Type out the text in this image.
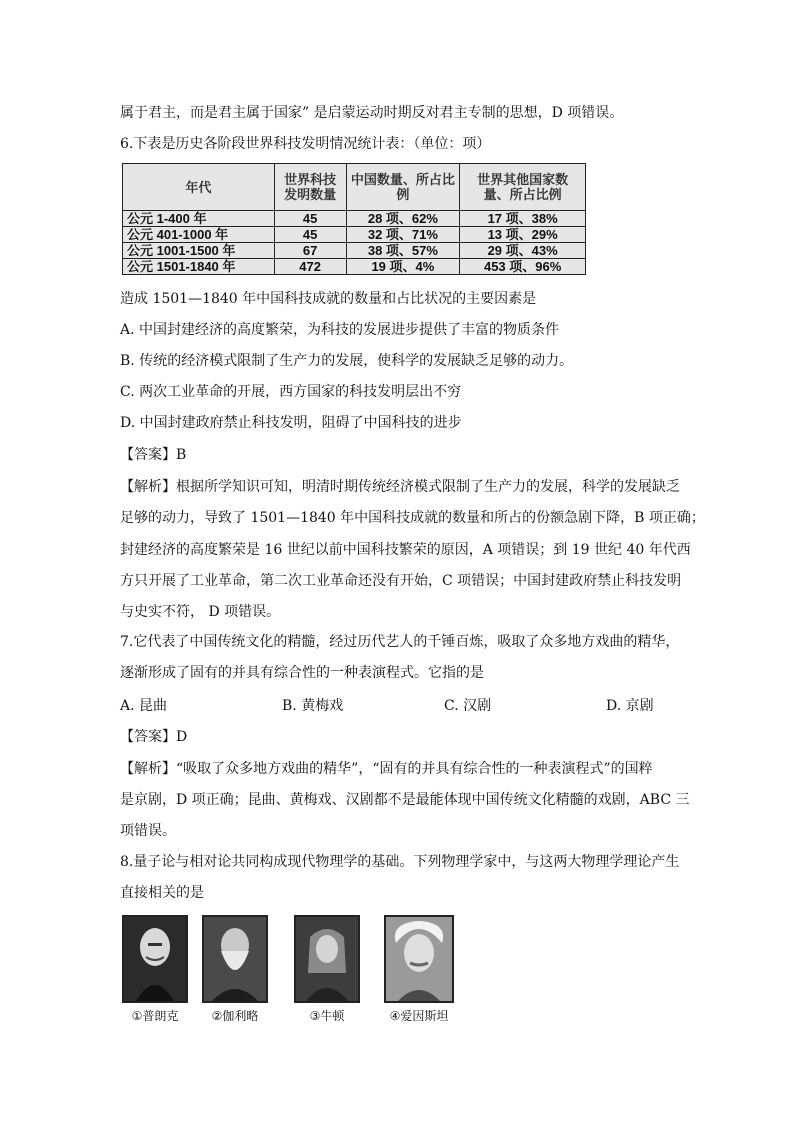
属于君主，而是君主属于国家” 是启蒙运动时期反对君主专制的思想，D 项错误。
6.下表是历史各阶段世界科技发明情况统计表：（单位：项）
造成 1501—1840 年中国科技成就的数量和占比状况的主要因素是
A. 中国封建经济的高度繁荣，为科技的发展进步提供了丰富的物质条件
B. 传统的经济模式限制了生产力的发展，使科学的发展缺乏足够的动力。
C. 两次工业革命的开展，西方国家的科技发明层出不穷
D. 中国封建政府禁止科技发明，阻碍了中国科技的进步
【答案】B
【解析】根据所学知识可知，明清时期传统经济模式限制了生产力的发展，科学的发展缺乏
足够的动力，导致了 1501—1840 年中国科技成就的数量和所占的份额急剧下降，B 项正确；
封建经济的高度繁荣是 16 世纪以前中国科技繁荣的原因，A 项错误；到 19 世纪 40 年代西
方只开展了工业革命，第二次工业革命还没有开始，C 项错误；中国封建政府禁止科技发明
与史实不符， D 项错误。
7.它代表了中国传统文化的精髓，经过历代艺人的千锤百炼，吸取了众多地方戏曲的精华，
逐渐形成了固有的并具有综合性的一种表演程式。它指的是
A. 昆曲	B. 黄梅戏	C. 汉剧	D. 京剧
【答案】D
【解析】“吸取了众多地方戏曲的精华”，“固有的并具有综合性的一种表演程式”的国粹
是京剧，D 项正确；昆曲、黄梅戏、汉剧都不是最能体现中国传统文化精髓的戏剧，ABC 三
项错误。
8.量子论与相对论共同构成现代物理学的基础。下列物理学家中，与这两大物理学理论产生
直接相关的是
年代	世界科技发明数量	中国数量、所占比例	世界其他国家数量、所占比例
公元 1-400 年	45	28 项、62%	17 项、38%
公元 401-1000 年	45	32 项、71%	13 项、29%
公元 1001-1500 年	67	38 项、57%	29 项、43%
公元 1501-1840 年	472	19 项、4%	453 项、96%
①普朗克	②伽利略	③牛顿	④爱因斯坦
